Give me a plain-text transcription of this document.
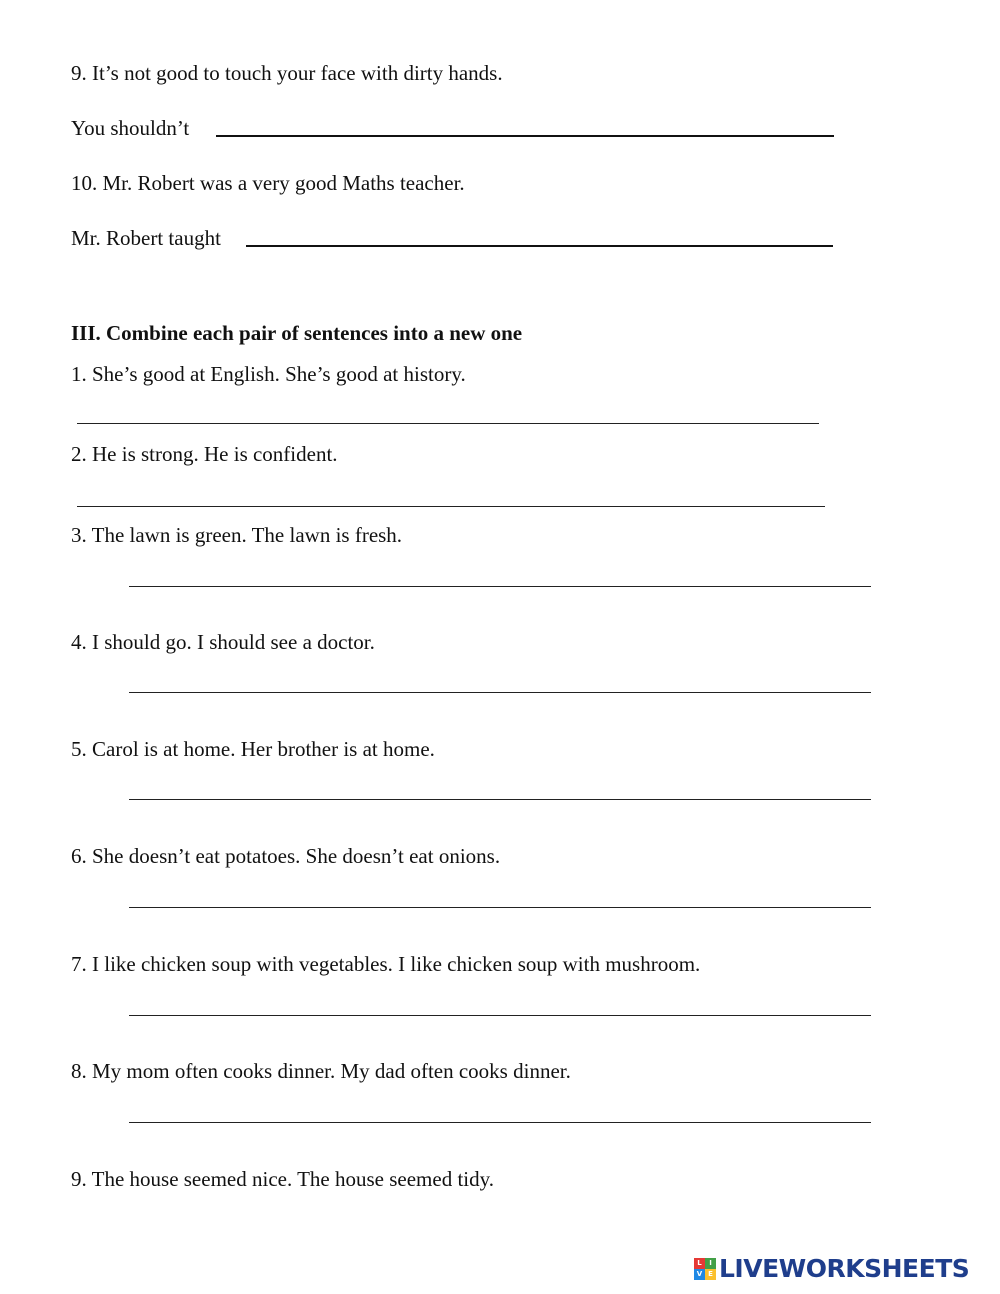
9. It’s not good to touch your face with dirty hands.
You shouldn’t
10. Mr. Robert was a very good Maths teacher.
Mr. Robert taught
III. Combine each pair of sentences into a new one
1. She’s good at English. She’s good at history.
2. He is strong. He is confident.
3. The lawn is green. The lawn is fresh.
4. I should go. I should see a doctor.
5. Carol is at home. Her brother is at home.
6. She doesn’t eat potatoes. She doesn’t eat onions.
7. I like chicken soup with vegetables. I like chicken soup with mushroom.
8. My mom often cooks dinner. My dad often cooks dinner.
9. The house seemed nice. The house seemed tidy.
L	I
V E LIVEWORKSHEETS
